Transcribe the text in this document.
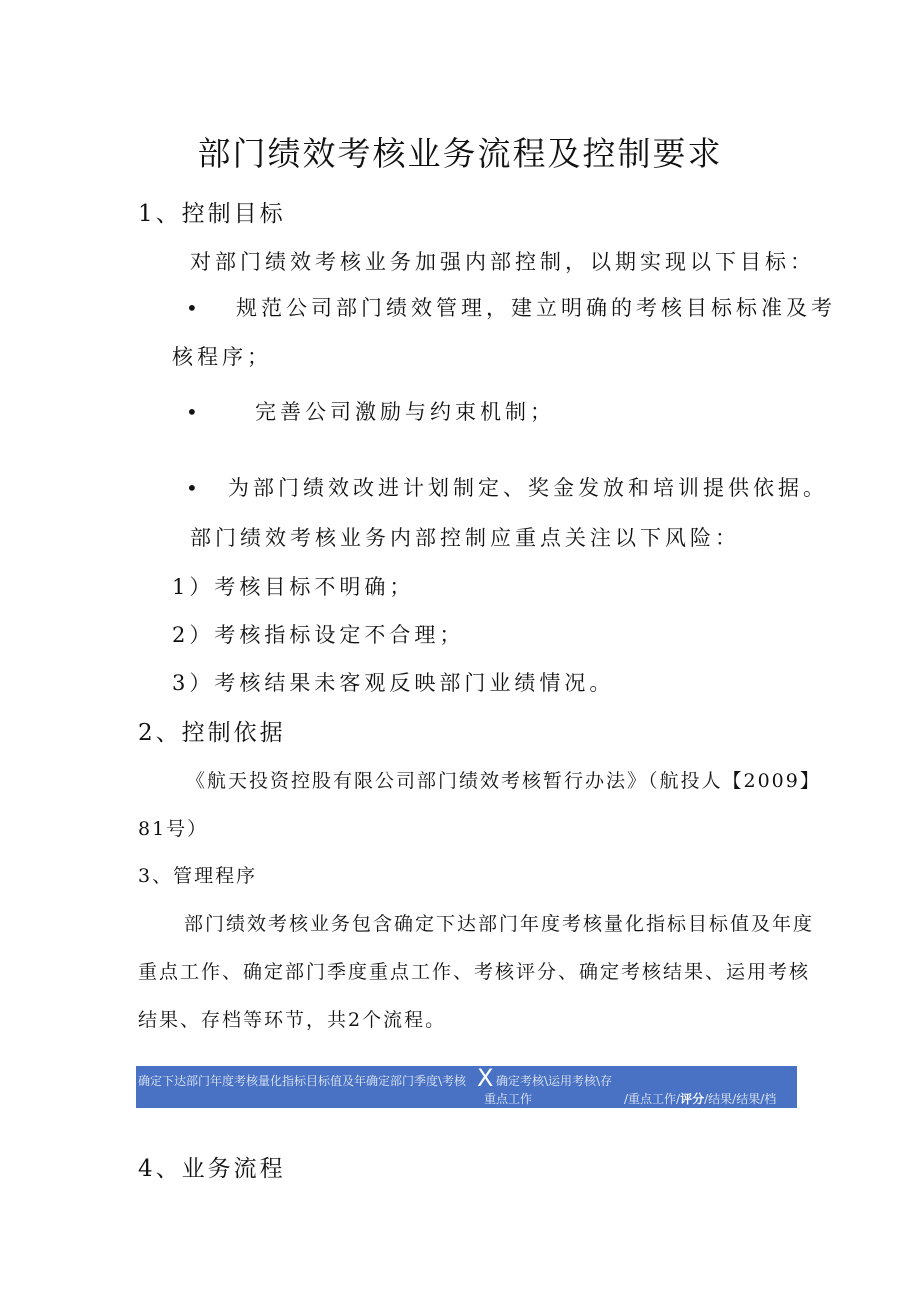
部门绩效考核业务流程及控制要求
1、控制目标
对部门绩效考核业务加强内部控制，以期实现以下目标：
• 规范公司部门绩效管理，建立明确的考核目标标准及考
核程序；
•	完善公司激励与约束机制；
• 为部门绩效改进计划制定、奖金发放和培训提供依据。
部门绩效考核业务内部控制应重点关注以下风险：
1）考核目标不明确；
2）考核指标设定不合理；
3）考核结果未客观反映部门业绩情况。
2、控制依据
《航天投资控股有限公司部门绩效考核暂行办法》（航投人【2009】
81号）
3、管理程序
部门绩效考核业务包含确定下达部门年度考核量化指标目标值及年度
重点工作、确定部门季度重点工作、考核评分、确定考核结果、运用考核
结果、存档等环节，共2个流程。
确定下达部门年度考核量化指标目标值及年确定部门季度\考核 X 确定考核\运用考核\存
重点工作	/重点工作/评分/结果/结果/档
4、业务流程
